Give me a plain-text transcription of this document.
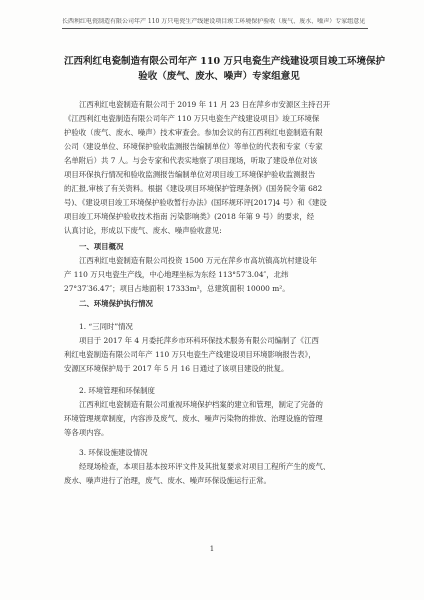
长西利红电瓷制造有限公司年产 110 万只电瓷生产线建设项目竣工环境保护验收（废气、废水、噪声）专家组意见
江西利红电瓷制造有限公司年产 110 万只电瓷生产线建设项目竣工环境保护
验收（废气、废水、噪声）专家组意见
江西利红电瓷制造有限公司于 2019 年 11 月 23 日在萍乡市安源区主持召开
《江西利红电瓷制造有限公司年产 110 万只电瓷生产线建设项目》竣工环境保
护验收（废气、废水、噪声）技术审查会。参加会议的有江西利红电瓷制造有限
公司（建设单位、环境保护验收监测报告编制单位）等单位的代表和专家（专家
名单附后）共 7 人。与会专家和代表实地察了项目现场，听取了建设单位对该
项目环保执行情况和验收监测报告编制单位对项目竣工环境保护验收监测报告
的汇报,审核了有关资料。根据《建设项目环境保护管理条例》(国务院令第 682
号)、《建设项目竣工环境保护验收暂行办法》(国环规环评[2017]4 号）和《建设
项目竣工环境保护验收技术指南 污染影响类》(2018 年第 9 号）的要求，经
认真讨论，形成以下废气、废水、噪声验收意见:
一、项目概况
江西利红电瓷制造有限公司投资 1500 万元在萍乡市高坑镇高坑村建设年
产 110 万只电瓷生产线，中心地理坐标为东经 113°57′3.04″，北纬
27°37′36.47″；项目占地面积 17333m²，总建筑面积 10000 m²。
二、环境保护执行情况
1. “三同时”情况
项目于 2017 年 4 月委托萍乡市环科环保技术服务有限公司编制了《江西
利红电瓷制造有限公司年产 110 万只电瓷生产线建设项目环境影响报告表》，
安源区环境保护局于 2017 年 5 月 16 日通过了该项目建设的批复。
2. 环境管理和环保制度
江西利红电瓷制造有限公司重视环境保护档案的建立和管理，制定了完备的
环境管理规章制度，内容涉及废气、废水、噪声污染物的排放、治理设施的管理
等各项内容。
3. 环保设施建设情况
经现场检查，本项目基本按环评文件及其批复要求对项目工程所产生的废气、
废水、噪声进行了治理，废气、废水、噪声环保设施运行正常。
1
